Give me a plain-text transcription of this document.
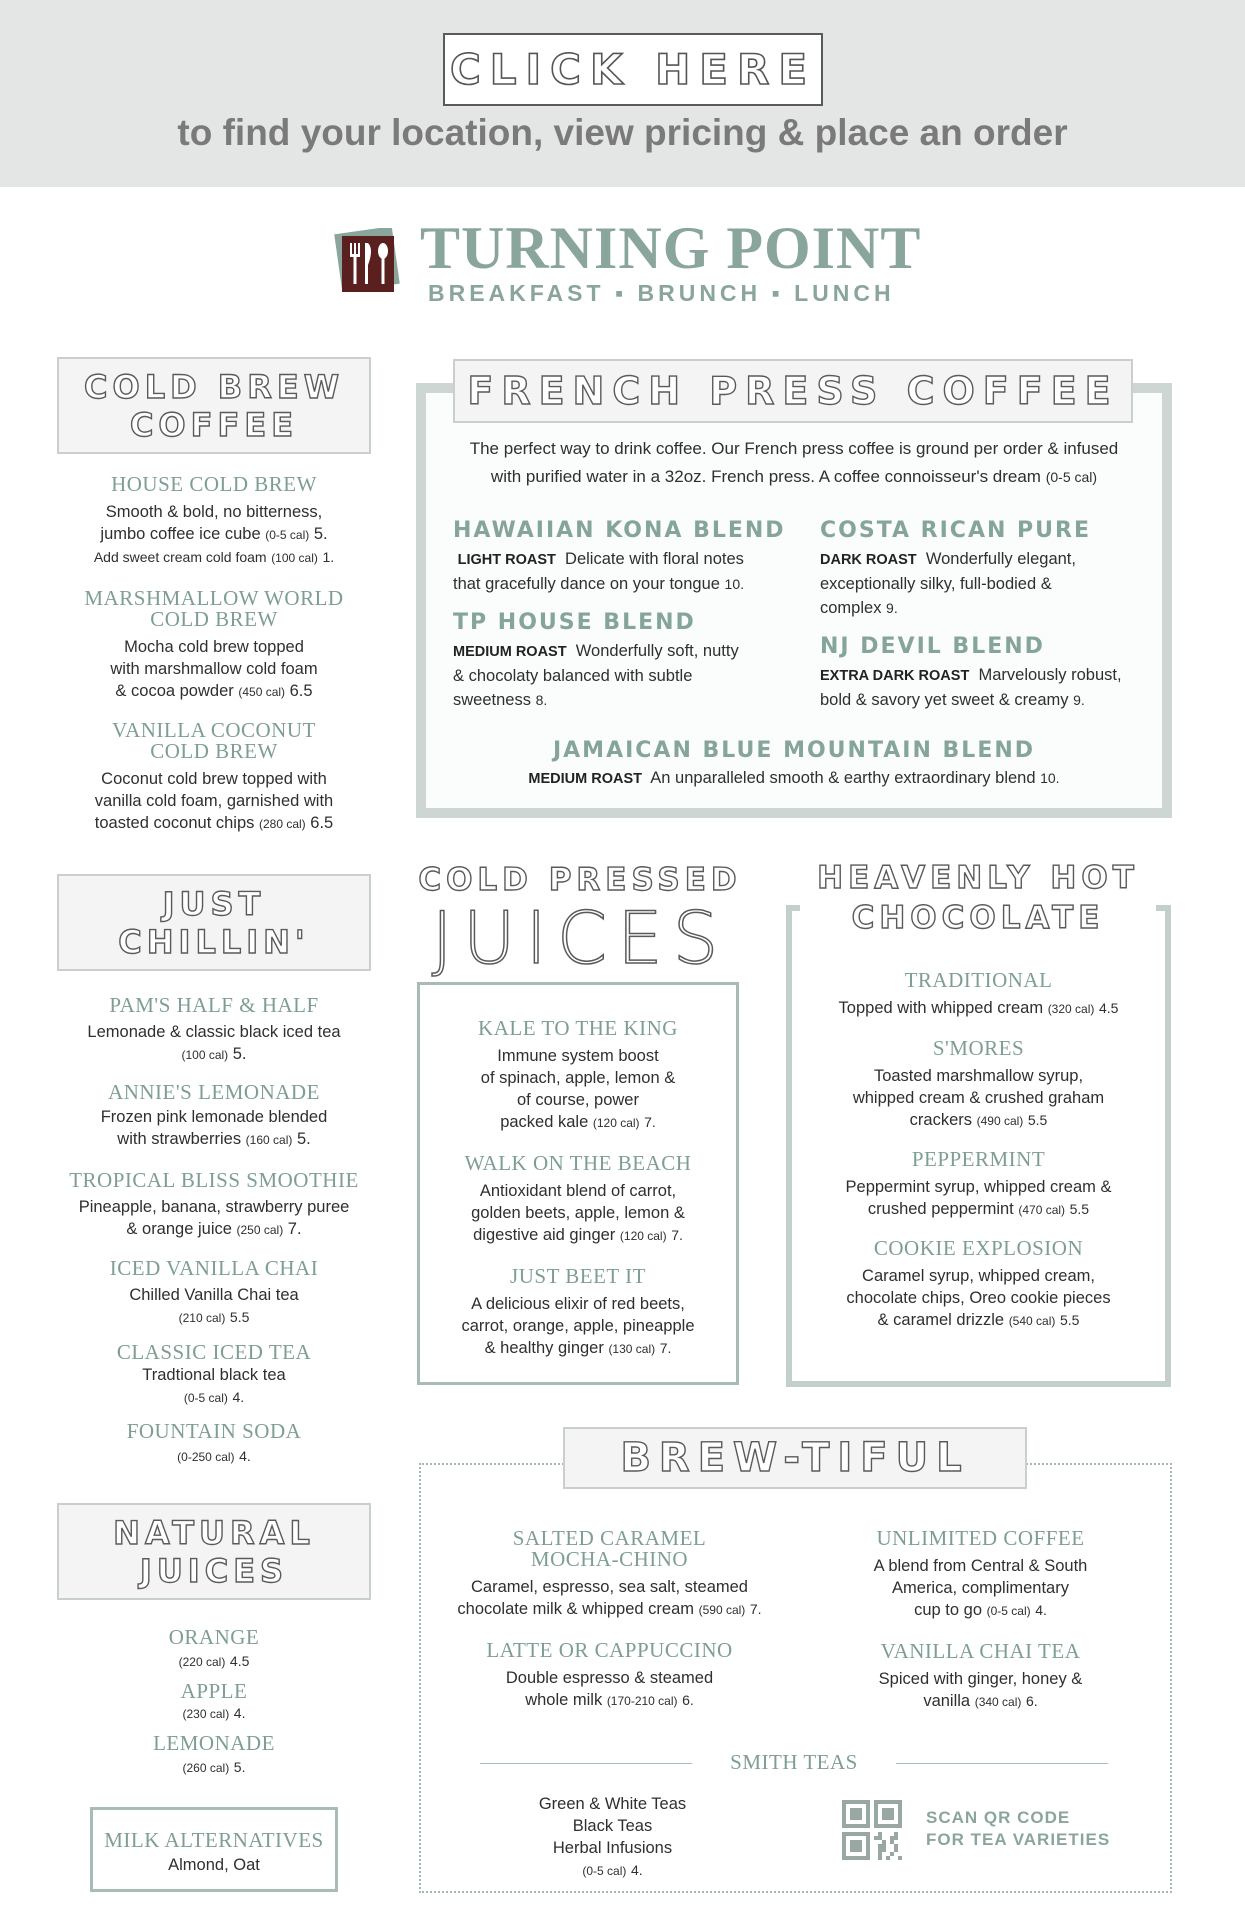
CLICK HERE
to find your location, view pricing & place an order
TURNING POINT
BREAKFAST ▪ BRUNCH ▪ LUNCH
COLD BREW
COFFEE
HOUSE COLD BREW
Smooth & bold, no bitterness,
jumbo coffee ice cube (0-5 cal) 5.
Add sweet cream cold foam (100 cal) 1.
MARSHMALLOW WORLD
COLD BREW
Mocha cold brew topped
with marshmallow cold foam
& cocoa powder (450 cal) 6.5
VANILLA COCONUT
COLD BREW
Coconut cold brew topped with
vanilla cold foam, garnished with
toasted coconut chips (280 cal) 6.5
FRENCH PRESS COFFEE
The perfect way to drink coffee. Our French press coffee is ground per order & infused
with purified water in a 32oz. French press. A coffee connoisseur's dream (0-5 cal)
HAWAIIAN KONA BLEND
LIGHT ROAST Delicate with floral notes
that gracefully dance on your tongue 10.
COSTA RICAN PURE
DARK ROAST Wonderfully elegant,
exceptionally silky, full-bodied &
complex 9.
TP HOUSE BLEND
MEDIUM ROAST Wonderfully soft, nutty
& chocolaty balanced with subtle
sweetness 8.
NJ DEVIL BLEND
EXTRA DARK ROAST Marvelously robust,
bold & savory yet sweet & creamy 9.
JAMAICAN BLUE MOUNTAIN BLEND
MEDIUM ROAST An unparalleled smooth & earthy extraordinary blend 10.
JUST
CHILLIN'
PAM'S HALF & HALF
Lemonade & classic black iced tea
(100 cal) 5.
ANNIE'S LEMONADE
Frozen pink lemonade blended
with strawberries (160 cal) 5.
TROPICAL BLISS SMOOTHIE
Pineapple, banana, strawberry puree
& orange juice (250 cal) 7.
ICED VANILLA CHAI
Chilled Vanilla Chai tea
(210 cal) 5.5
CLASSIC ICED TEA
Tradtional black tea
(0-5 cal) 4.
FOUNTAIN SODA
(0-250 cal) 4.
COLD PRESSED
JUICES
KALE TO THE KING
Immune system boost
of spinach, apple, lemon &
of course, power
packed kale (120 cal) 7.
WALK ON THE BEACH
Antioxidant blend of carrot,
golden beets, apple, lemon &
digestive aid ginger (120 cal) 7.
JUST BEET IT
A delicious elixir of red beets,
carrot, orange, apple, pineapple
& healthy ginger (130 cal) 7.
HEAVENLY HOT
CHOCOLATE
TRADITIONAL
Topped with whipped cream (320 cal) 4.5
S'MORES
Toasted marshmallow syrup,
whipped cream & crushed graham
crackers (490 cal) 5.5
PEPPERMINT
Peppermint syrup, whipped cream &
crushed peppermint (470 cal) 5.5
COOKIE EXPLOSION
Caramel syrup, whipped cream,
chocolate chips, Oreo cookie pieces
& caramel drizzle (540 cal) 5.5
NATURAL
JUICES
ORANGE
(220 cal) 4.5
APPLE
(230 cal) 4.
LEMONADE
(260 cal) 5.
MILK ALTERNATIVES
Almond, Oat
BREW-TIFUL
SALTED CARAMEL
MOCHA-CHINO
Caramel, espresso, sea salt, steamed
chocolate milk & whipped cream (590 cal) 7.
UNLIMITED COFFEE
A blend from Central & South
America, complimentary
cup to go (0-5 cal) 4.
LATTE OR CAPPUCCINO
Double espresso & steamed
whole milk (170-210 cal) 6.
VANILLA CHAI TEA
Spiced with ginger, honey &
vanilla (340 cal) 6.
SMITH TEAS
Green & White Teas
Black Teas
Herbal Infusions
(0-5 cal) 4.
SCAN QR CODE
FOR TEA VARIETIES
